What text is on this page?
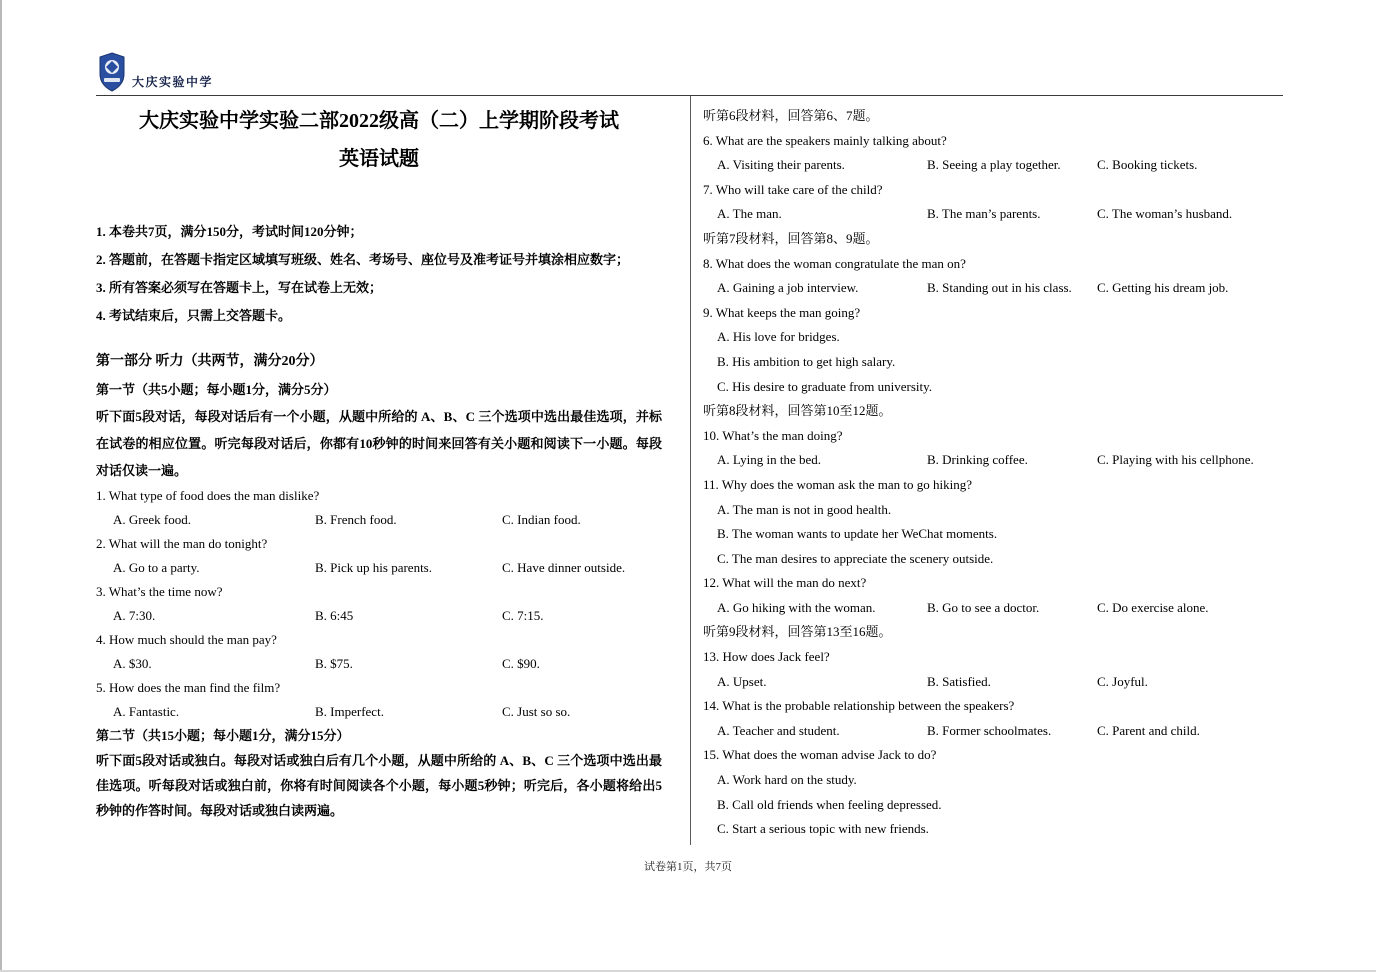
大庆实验中学
大庆实验中学实验二部2022级高（二）上学期阶段考试
英语试题
1. 本卷共7页，满分150分，考试时间120分钟；
2. 答题前，在答题卡指定区域填写班级、姓名、考场号、座位号及准考证号并填涂相应数字；
3. 所有答案必须写在答题卡上，写在试卷上无效；
4. 考试结束后，只需上交答题卡。
第一部分 听力（共两节，满分20分）
第一节（共5小题；每小题1分，满分5分）
听下面5段对话，每段对话后有一个小题，从题中所给的 A、B、C 三个选项中选出最佳选项，并标在试卷的相应位置。听完每段对话后，你都有10秒钟的时间来回答有关小题和阅读下一小题。每段对话仅读一遍。
1. What type of food does the man dislike?
A. Greek food.	B. French food.	C. Indian food.
2. What will the man do tonight?
A. Go to a party.	B. Pick up his parents.	C. Have dinner outside.
3. What’s the time now?
A. 7:30.	B. 6:45	C. 7:15.
4. How much should the man pay?
A. $30.	B. $75.	C. $90.
5. How does the man find the film?
A. Fantastic.	B. Imperfect.	C. Just so so.
第二节（共15小题；每小题1分，满分15分）
听下面5段对话或独白。每段对话或独白后有几个小题，从题中所给的 A、B、C 三个选项中选出最佳选项。听每段对话或独白前，你将有时间阅读各个小题，每小题5秒钟；听完后，各小题将给出5秒钟的作答时间。每段对话或独白读两遍。
听第6段材料，回答第6、7题。
6. What are the speakers mainly talking about?
A. Visiting their parents.	B. Seeing a play together.	C. Booking tickets.
7. Who will take care of the child?
A. The man.	B. The man’s parents.	C. The woman’s husband.
听第7段材料，回答第8、9题。
8. What does the woman congratulate the man on?
A. Gaining a job interview.	B. Standing out in his class.	C. Getting his dream job.
9. What keeps the man going?
A. His love for bridges.
B. His ambition to get high salary.
C. His desire to graduate from university.
听第8段材料，回答第10至12题。
10. What’s the man doing?
A. Lying in the bed.	B. Drinking coffee.	C. Playing with his cellphone.
11. Why does the woman ask the man to go hiking?
A. The man is not in good health.
B. The woman wants to update her WeChat moments.
C. The man desires to appreciate the scenery outside.
12. What will the man do next?
A. Go hiking with the woman.	B. Go to see a doctor.	C. Do exercise alone.
听第9段材料，回答第13至16题。
13. How does Jack feel?
A. Upset.	B. Satisfied.	C. Joyful.
14. What is the probable relationship between the speakers?
A. Teacher and student.	B. Former schoolmates.	C. Parent and child.
15. What does the woman advise Jack to do?
A. Work hard on the study.
B. Call old friends when feeling depressed.
C. Start a serious topic with new friends.
试卷第1页，共7页
